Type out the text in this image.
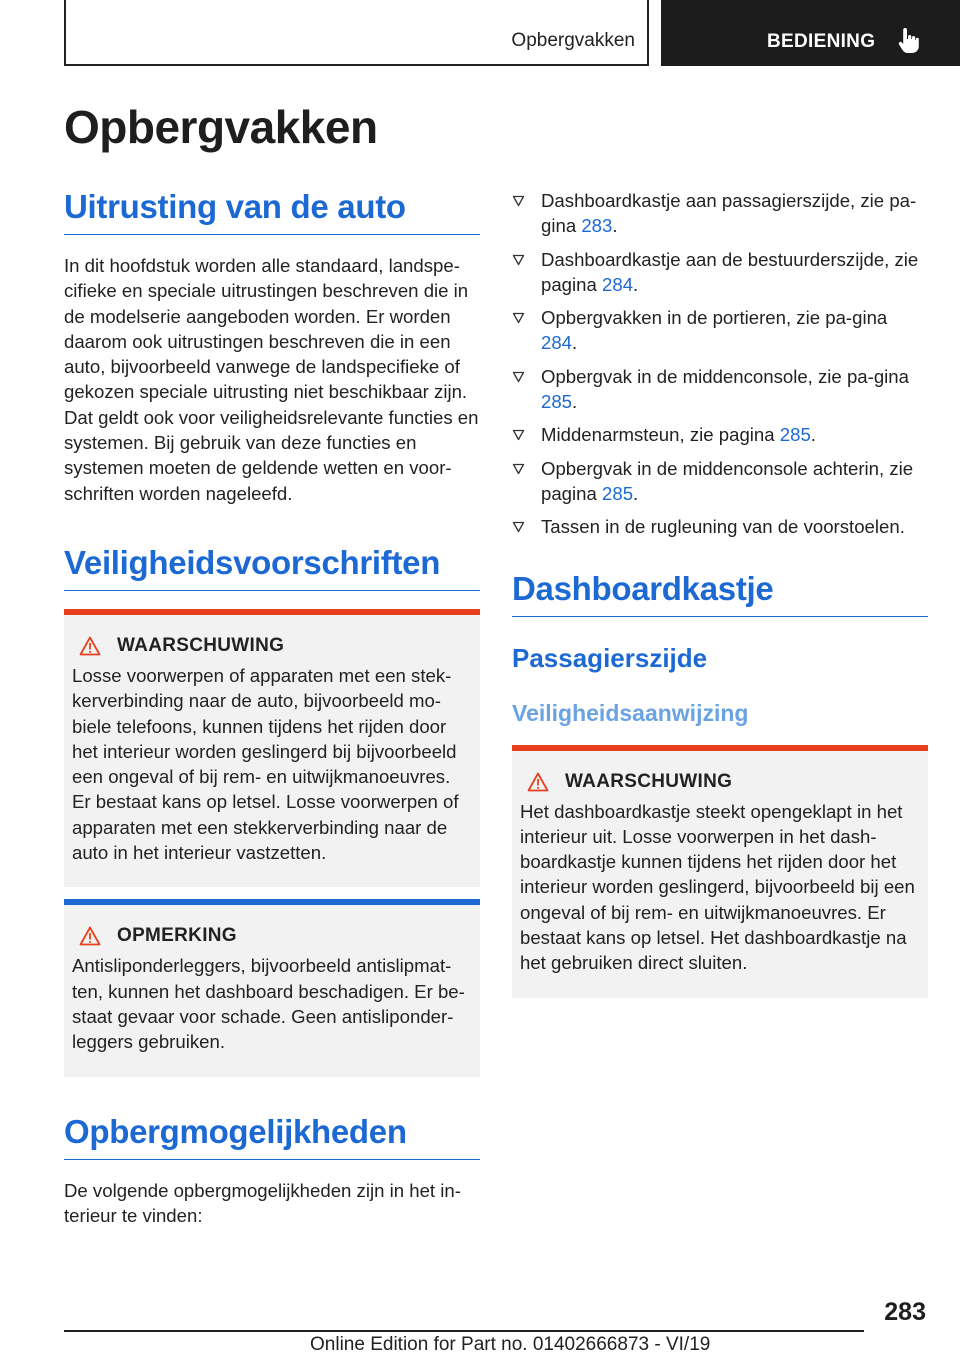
Opbergvakken	BEDIENING
Opbergvakken
Uitrusting van de auto

In dit hoofdstuk worden alle standaard, landspe-cifieke en speciale uitrustingen beschreven die in de modelserie aangeboden worden. Er worden daarom ook uitrustingen beschreven die in een auto, bijvoorbeeld vanwege de landspecifieke of gekozen speciale uitrusting niet beschikbaar zijn. Dat geldt ook voor veiligheidsrelevante functies en systemen. Bij gebruik van deze functies en systemen moeten de geldende wetten en voor-schriften worden nageleefd.

Veiligheidsvoorschriften
WAARSCHUWING
Losse voorwerpen of apparaten met een stek-kerverbinding naar de auto, bijvoorbeeld mo-biele telefoons, kunnen tijdens het rijden door het interieur worden geslingerd bij bijvoorbeeld een ongeval of bij rem- en uitwijkmanoeuvres. Er bestaat kans op letsel. Losse voorwerpen of apparaten met een stekkerverbinding naar de auto in het interieur vastzetten.
OPMERKING
Antisliponderleggers, bijvoorbeeld antislipmat-ten, kunnen het dashboard beschadigen. Er be-staat gevaar voor schade. Geen antisliponder-leggers gebruiken.
Opbergmogelijkheden

De volgende opbergmogelijkheden zijn in het in-terieur te vinden:

Dashboardkastje aan passagierszijde, zie pa-gina 283.
Dashboardkastje aan de bestuurderszijde, zie pagina 284.
Opbergvakken in de portieren, zie pa-gina 284.
Opbergvak in de middenconsole, zie pa-gina 285.
Middenarmsteun, zie pagina 285.
Opbergvak in de middenconsole achterin, zie pagina 285.
Tassen in de rugleuning van de voorstoelen.
Dashboardkastje
Passagierszijde
Veiligheidsaanwijzing
WAARSCHUWING
Het dashboardkastje steekt opengeklapt in het interieur uit. Losse voorwerpen in het dash-boardkastje kunnen tijdens het rijden door het interieur worden geslingerd, bijvoorbeeld bij een ongeval of bij rem- en uitwijkmanoeuvres. Er bestaat kans op letsel. Het dashboardkastje na het gebruiken direct sluiten.
283
Online Edition for Part no. 01402666873 - VI/19
